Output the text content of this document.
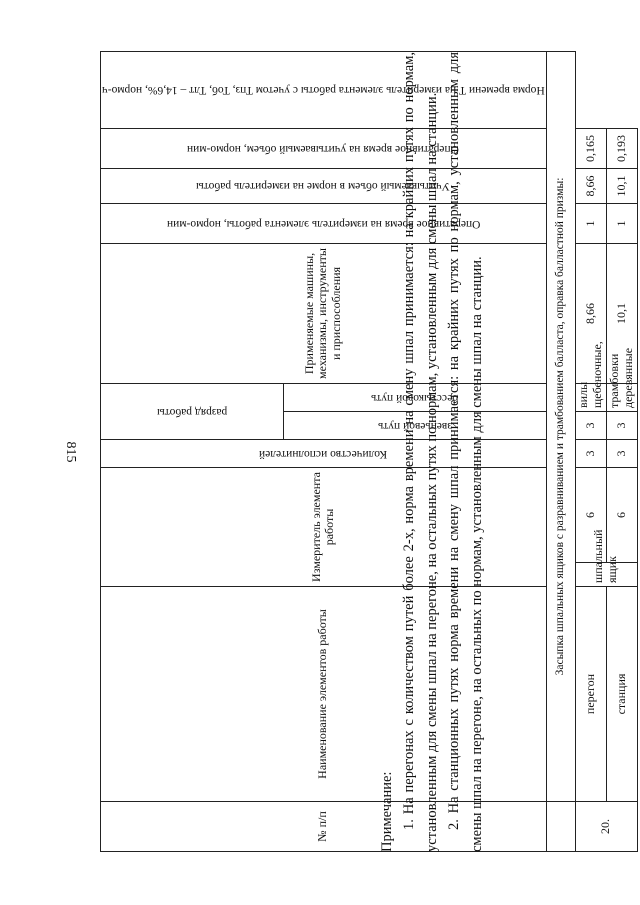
815
№ п/п	Наименование элементов работы	Измеритель элемента работы		Количество исполнителей	разряд работы		Применяемые машины, механизмы, инструменты и приспособления	Оперативное время на измеритель элемента работы, нормо-мин	Учитываемый объем в норме на измеритель работы	Оперативное время на учитываемый объем, нормо-мин	Норма времени Т на измеритель элемента работы с учетом Тпз, Тоб, Тлт – 14,6%, нормо-ч

					звеньевой путь	бесстыковой путь					

	Засыпка шпальных ящиков с разравниванием и трамбованием балласта, оправка балластной призмы:										
20.	перегон	шпальный ящик	6	3	3	вилы щебеночные,	8,66	1	8,66	0,165	
	станция		6	3	3	трамбовки деревянные	10,1	1	10,1	0,193	
Примечание: 1. На перегонах с количеством путей более 2-х, норма времени на смену шпал принимается: на крайних путях по нормам, установленным для смены шпал на перегоне, на остальных путях по нормам, установленным для смены шпал на станции. 2. На станционных путях норма времени на смену шпал принимается: на крайних путях по нормам, установленным для смены шпал на перегоне, на остальных по нормам, установленным для смены шпал на станции.
